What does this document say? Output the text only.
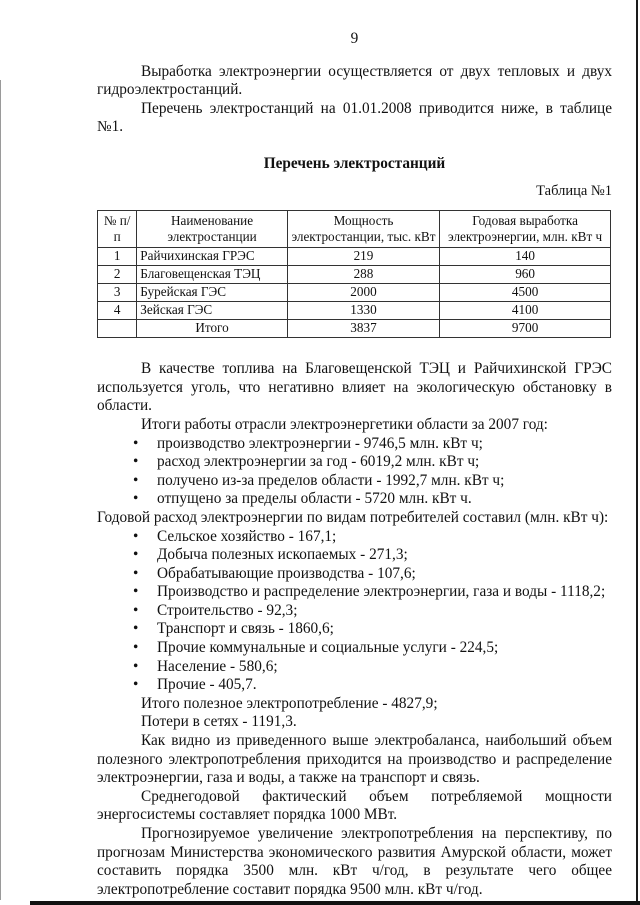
9

Выработка электроэнергии осуществляется от двух тепловых и двух гидроэлектростанций.

Перечень электростанций на 01.01.2008 приводится ниже, в таблице №1.

Перечень электростанций
Таблица №1
№ п/п	Наименование электростанции	Мощность электростанции, тыс. кВт	Годовая выработка электроэнергии, млн. кВт ч
1	Райчихинская ГРЭС	219	140
2	Благовещенская ТЭЦ	288	960
3	Бурейская ГЭС	2000	4500
4	Зейская ГЭС	1330	4100
	Итого	3837	9700

В качестве топлива на Благовещенской ТЭЦ и Райчихинской ГРЭС используется уголь, что негативно влияет на экологическую обстановку в области.

Итоги работы отрасли электроэнергетики области за 2007 год:

• производство электроэнергии - 9746,5 млн. кВт ч;
• расход электроэнергии за год - 6019,2 млн. кВт ч;
• получено из-за пределов области - 1992,7 млн. кВт ч;
• отпущено за пределы области - 5720 млн. кВт ч.

Годовой расход электроэнергии по видам потребителей составил (млн. кВт ч):

• Сельское хозяйство - 167,1;
• Добыча полезных ископаемых - 271,3;
• Обрабатывающие производства - 107,6;
• Производство и распределение электроэнергии, газа и воды - 1118,2;
• Строительство - 92,3;
• Транспорт и связь - 1860,6;
• Прочие коммунальные и социальные услуги - 224,5;
• Население - 580,6;
• Прочие - 405,7.

Итого полезное электропотребление - 4827,9;

Потери в сетях - 1191,3.

Как видно из приведенного выше электробаланса, наибольший объем полезного электропотребления приходится на производство и распределение электроэнергии, газа и воды, а также на транспорт и связь.

Среднегодовой фактический объем потребляемой мощности энергосистемы составляет порядка 1000 МВт.

Прогнозируемое увеличение электропотребления на перспективу, по прогнозам Министерства экономического развития Амурской области, может составить порядка 3500 млн. кВт ч/год, в результате чего общее электропотребление составит порядка 9500 млн. кВт ч/год.
